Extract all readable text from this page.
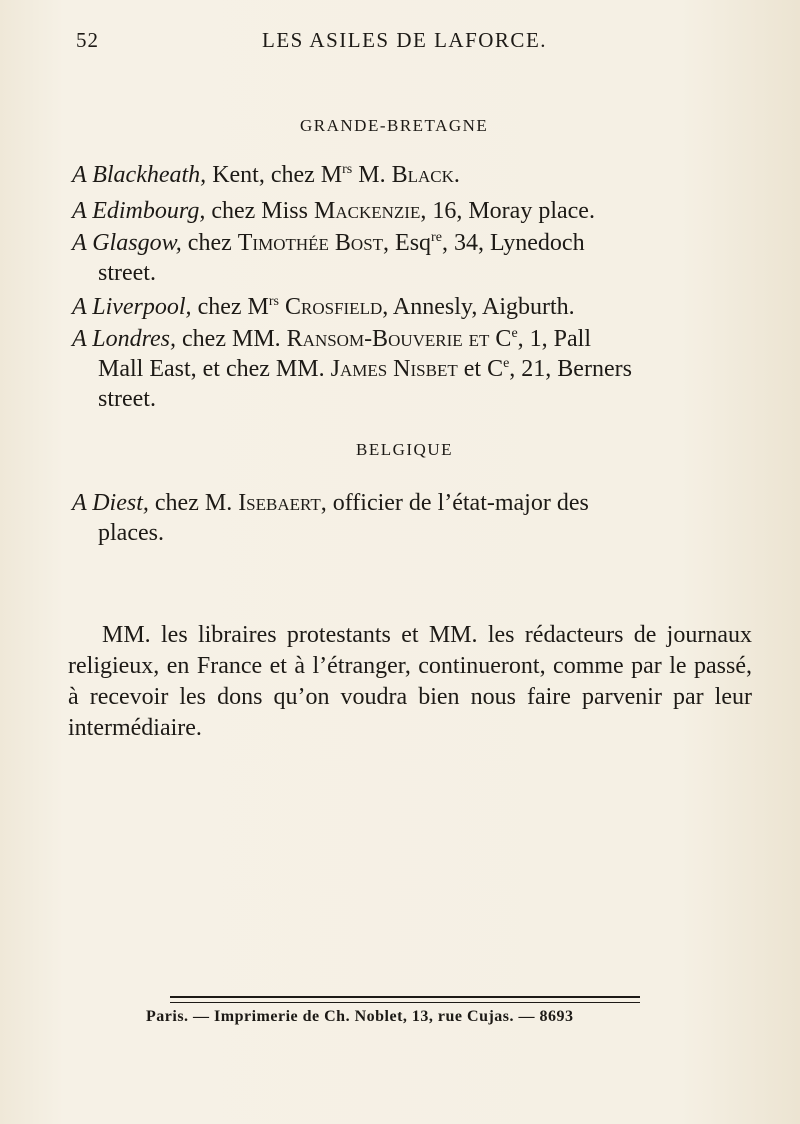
52	LES ASILES DE LAFORCE.
GRANDE-BRETAGNE
A Blackheath, Kent, chez $M^{rs}$ M. Black.
A Edimbourg, chez Miss Mackenzie, 16, Moray place.
A Glasgow, chez Timothée Bost, Esq$^{re}$, 34, Lynedoch
street.
A Liverpool, chez $M^{rs}$ Crosfield, Annesly, Aigburth.
A Londres, chez MM. Ransom-Bouverie et Ce, 1, Pall
Mall East, et chez MM. James Nisbet et Ce, 21, Berners
street.
BELGIQUE
A Diest, chez M. Isebaert, officier de l’état-major des
places.

MM. les libraires protestants et MM. les rédacteurs de journaux religieux, en France et à l’étranger, continueront, comme par le passé, à recevoir les dons qu’on voudra bien nous faire parvenir par leur intermédiaire.

Paris. — Imprimerie de Ch. Noblet, 13, rue Cujas. — 8693
